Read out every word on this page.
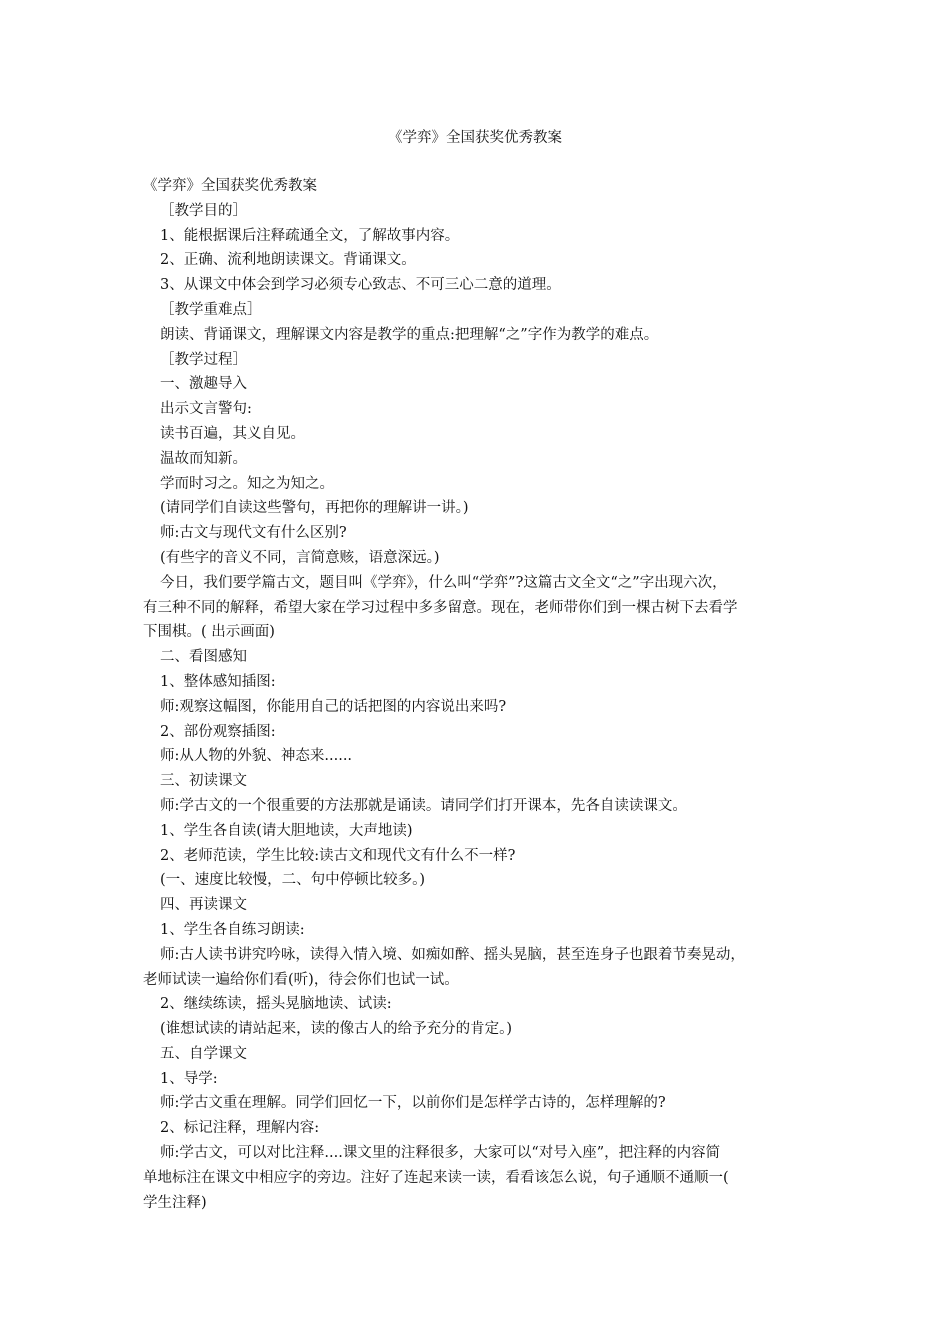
《学弈》全国获奖优秀教案

《学弈》全国获奖优秀教案

［教学目的］

1、能根据课后注释疏通全文，了解故事内容。

2、正确、流利地朗读课文。背诵课文。

3、从课文中体会到学习必须专心致志、不可三心二意的道理。

［教学重难点］

朗读、背诵课文，理解课文内容是教学的重点:把理解“之”字作为教学的难点。

［教学过程］

一、激趣导入

出示文言警句:

读书百遍，其义自见。

温故而知新。

学而时习之。知之为知之。

(请同学们自读这些警句，再把你的理解讲一讲。)

师:古文与现代文有什么区别?

(有些字的音义不同，言简意赅，语意深远。)

今日，我们要学篇古文，题目叫《学弈》，什么叫“学弈”?这篇古文全文“之”字出现六次，

有三种不同的解释，希望大家在学习过程中多多留意。现在，老师带你们到一棵古树下去看学

下围棋。( 出示画面)

二、看图感知

1、整体感知插图:

师:观察这幅图，你能用自己的话把图的内容说出来吗?

2、部份观察插图:

师:从人物的外貌、神态来......

三、初读课文

师:学古文的一个很重要的方法那就是诵读。请同学们打开课本，先各自读读课文。

1、学生各自读(请大胆地读，大声地读)

2、老师范读，学生比较:读古文和现代文有什么不一样?

(一、速度比较慢，二、句中停顿比较多。)

四、再读课文

1、学生各自练习朗读:

师:古人读书讲究吟咏，读得入情入境、如痴如醉、摇头晃脑，甚至连身子也跟着节奏晃动，

老师试读一遍给你们看(听)，待会你们也试一试。

2、继续练读，摇头晃脑地读、试读:

(谁想试读的请站起来，读的像古人的给予充分的肯定。)

五、自学课文

1、导学:

师:学古文重在理解。同学们回忆一下，以前你们是怎样学古诗的，怎样理解的?

2、标记注释，理解内容:

师:学古文，可以对比注释....课文里的注释很多，大家可以“对号入座”，把注释的内容简

单地标注在课文中相应字的旁边。注好了连起来读一读，看看该怎么说，句子通顺不通顺一(

学生注释)
